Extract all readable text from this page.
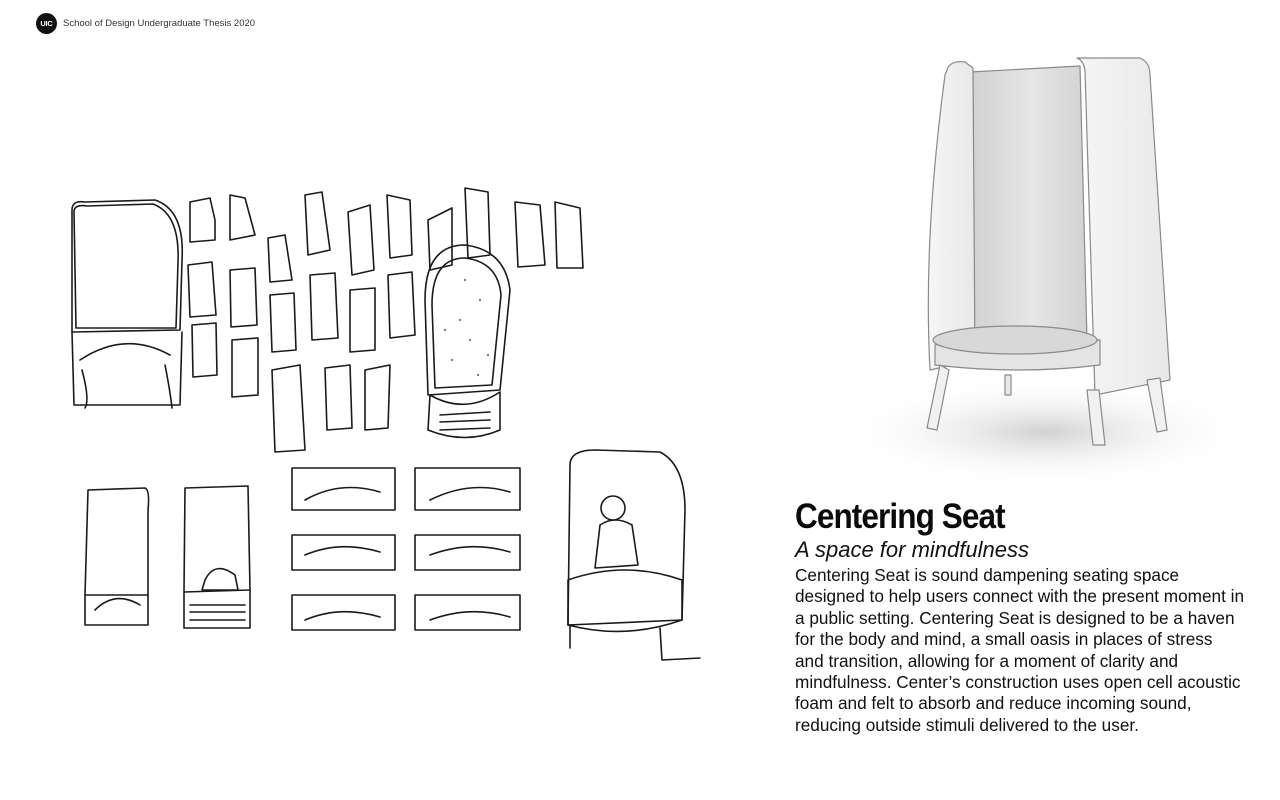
UIC	School of Design Undergraduate Thesis 2020
Centering Seat

A space for mindfulness

Centering Seat is sound dampening seating space designed to help users connect with the present moment in a public setting. Centering Seat is designed to be a haven for the body and mind, a small oasis in places of stress and transition, allowing for a moment of clarity and mindfulness. Center’s construction uses open cell acoustic foam and felt to absorb and reduce incoming sound, reducing outside stimuli delivered to the user.
